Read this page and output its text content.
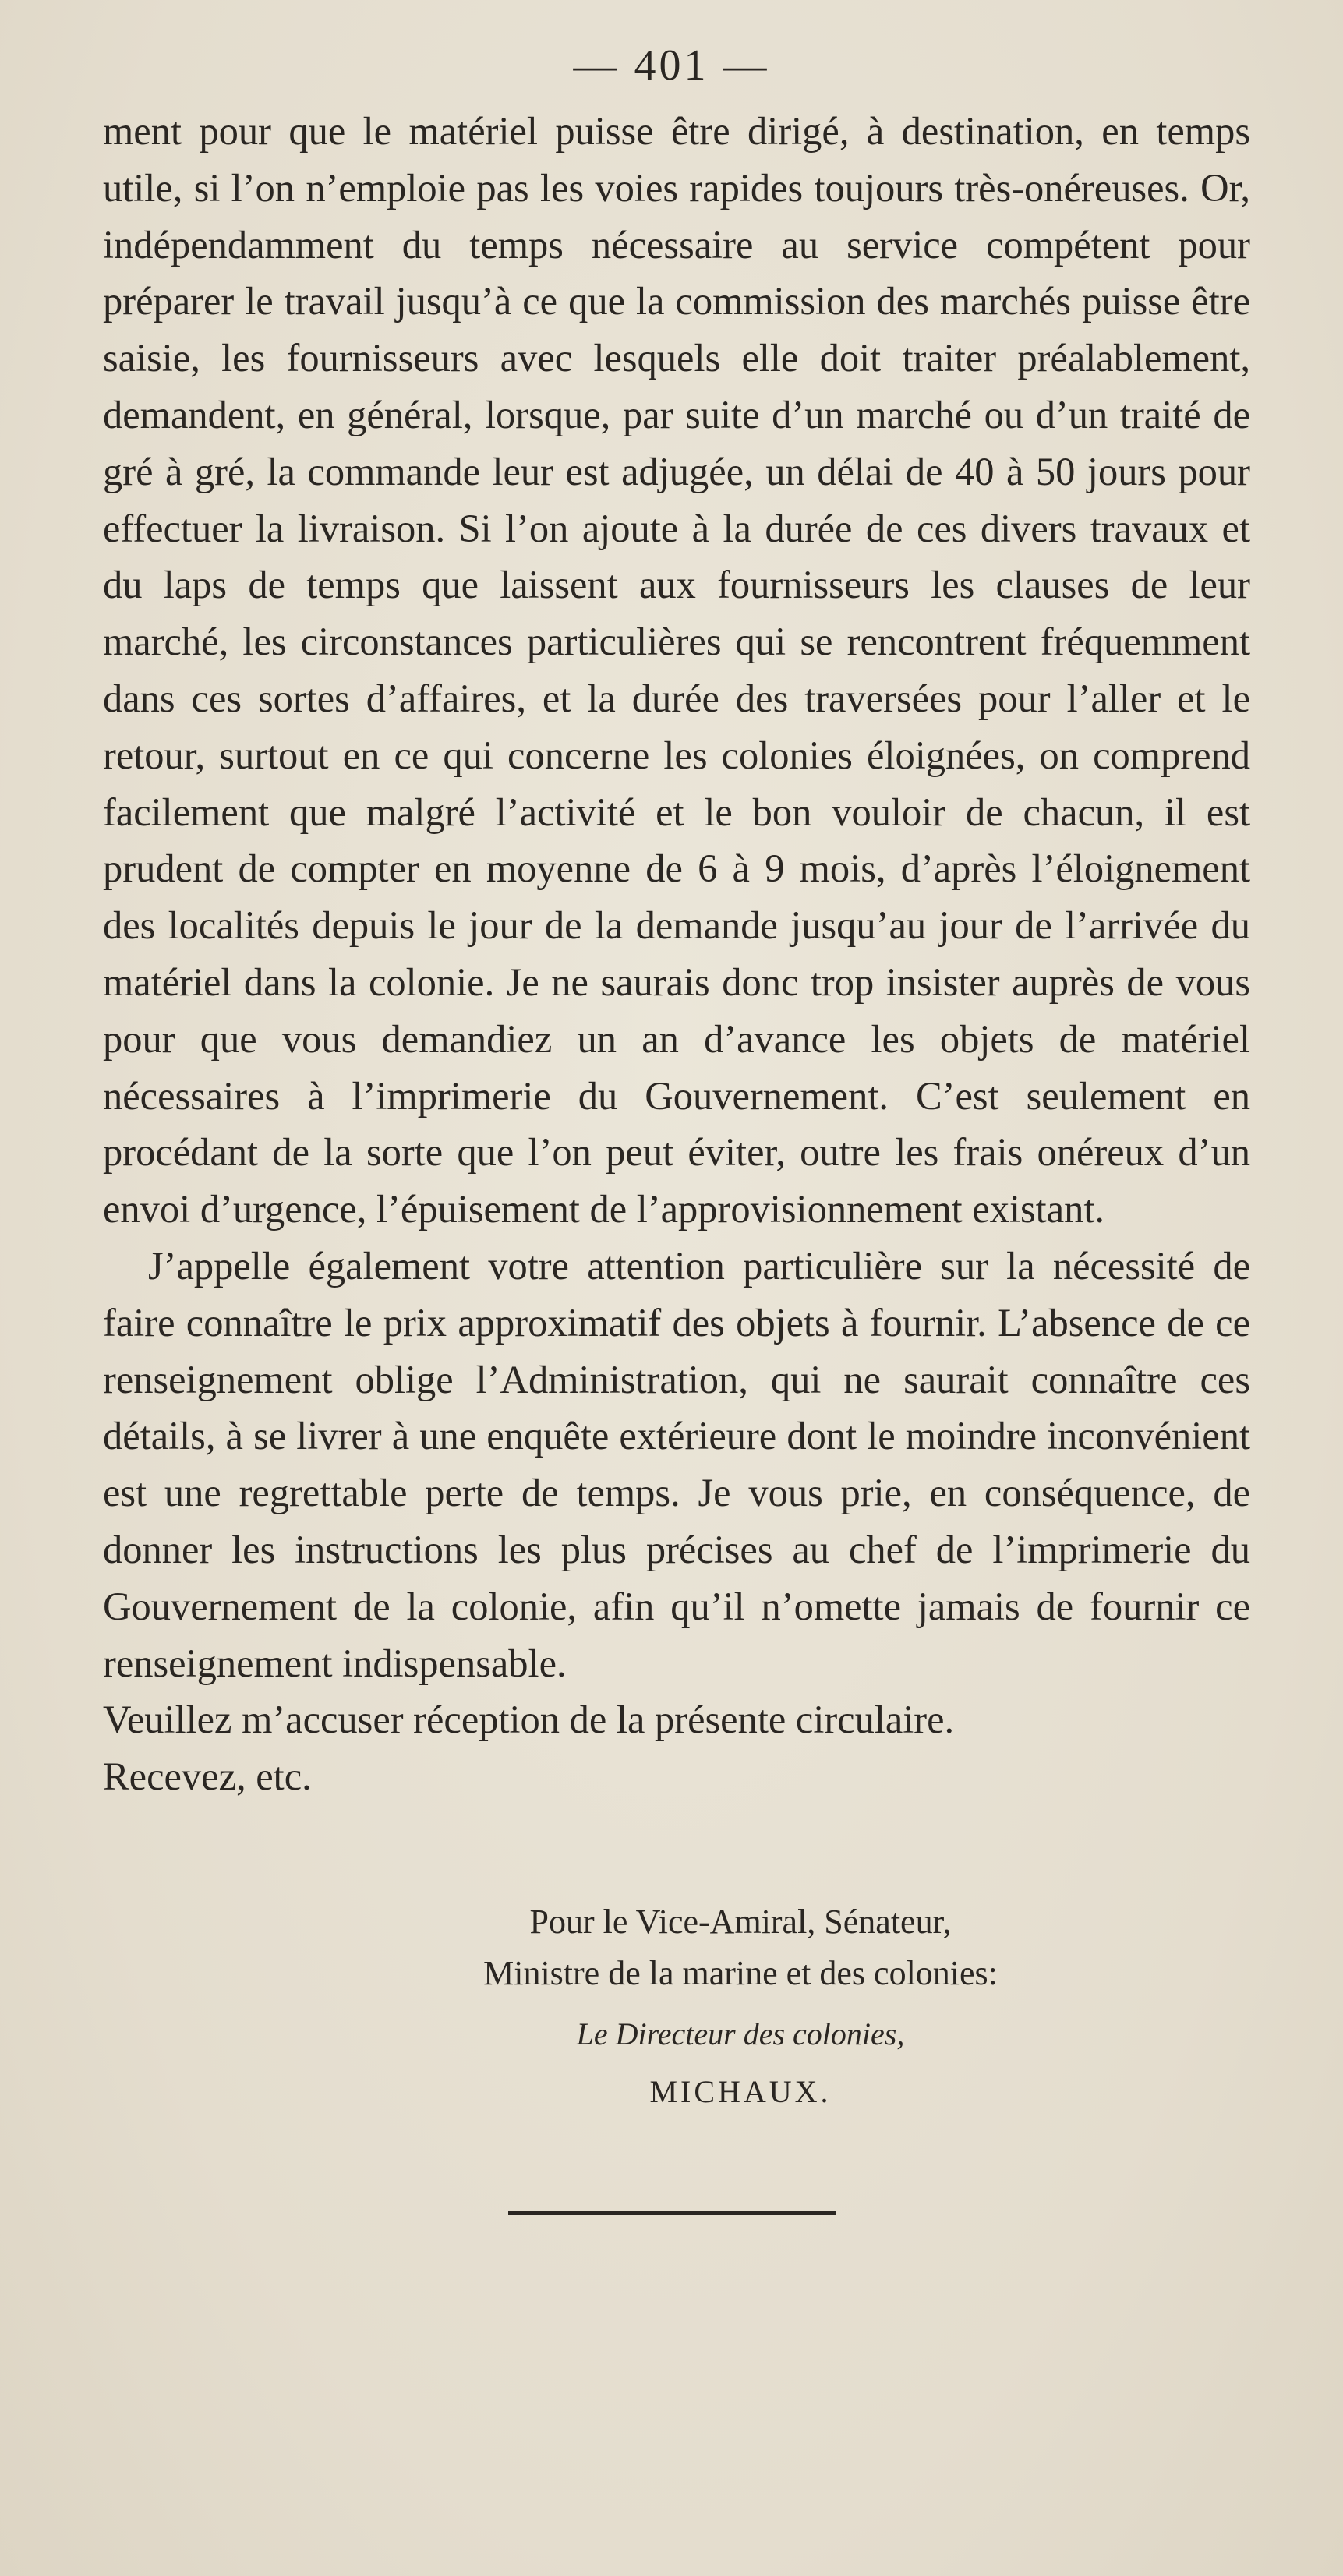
— 401 —

ment pour que le matériel puisse être dirigé, à destination, en temps utile, si l’on n’emploie pas les voies rapides toujours très-onéreuses. Or, indépendamment du temps nécessaire au service compétent pour préparer le travail jusqu’à ce que la commission des marchés puisse être saisie, les fournisseurs avec lesquels elle doit traiter préalablement, demandent, en général, lorsque, par suite d’un marché ou d’un traité de gré à gré, la commande leur est adjugée, un délai de 40 à 50 jours pour effectuer la livraison. Si l’on ajoute à la durée de ces divers travaux et du laps de temps que laissent aux fournisseurs les clauses de leur marché, les circonstances particulières qui se rencontrent fréquemment dans ces sortes d’affaires, et la durée des traversées pour l’aller et le retour, surtout en ce qui concerne les colonies éloignées, on comprend facilement que malgré l’activité et le bon vouloir de chacun, il est prudent de compter en moyenne de 6 à 9 mois, d’après l’éloignement des localités depuis le jour de la demande jusqu’au jour de l’arrivée du matériel dans la colonie. Je ne saurais donc trop insister auprès de vous pour que vous demandiez un an d’avance les objets de matériel nécessaires à l’imprimerie du Gouvernement. C’est seulement en procédant de la sorte que l’on peut éviter, outre les frais onéreux d’un envoi d’urgence, l’épuisement de l’approvisionnement existant.

J’appelle également votre attention particulière sur la nécessité de faire connaître le prix approximatif des objets à fournir. L’absence de ce renseignement oblige l’Administration, qui ne saurait connaître ces détails, à se livrer à une enquête extérieure dont le moindre inconvénient est une regrettable perte de temps. Je vous prie, en conséquence, de donner les instructions les plus précises au chef de l’imprimerie du Gouvernement de la colonie, afin qu’il n’omette jamais de fournir ce renseignement indispensable.

Veuillez m’accuser réception de la présente circulaire.

Recevez, etc.

Pour le Vice-Amiral, Sénateur,
Ministre de la marine et des colonies:
Le Directeur des colonies,
MICHAUX.
